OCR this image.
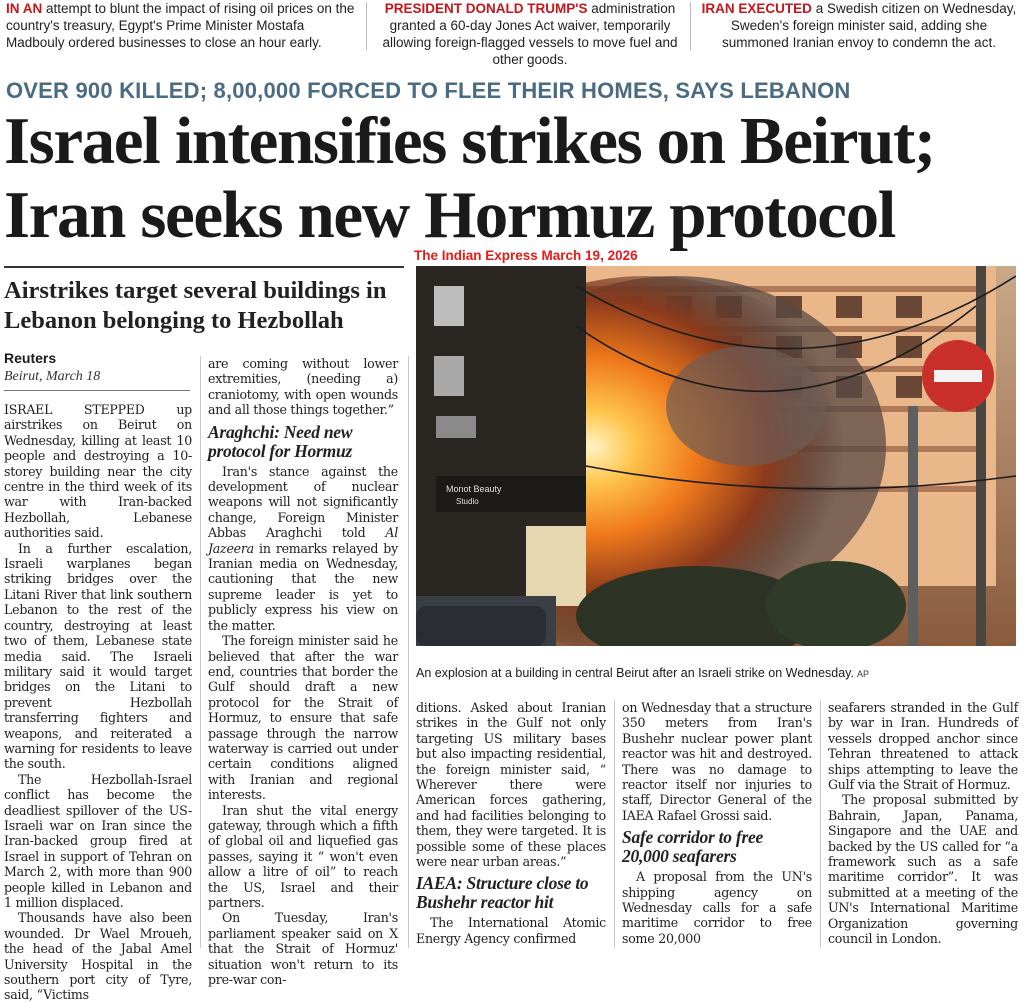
IN AN attempt to blunt the impact of rising oil prices on the country's treasury, Egypt's Prime Minister Mostafa Madbouly ordered businesses to close an hour early.
PRESIDENT DONALD TRUMP'S administration granted a 60-day Jones Act waiver, temporarily allowing foreign-flagged vessels to move fuel and other goods.
IRAN EXECUTED a Swedish citizen on Wednesday, Sweden's foreign minister said, adding she summoned Iranian envoy to condemn the act.
OVER 900 KILLED; 8,00,000 FORCED TO FLEE THEIR HOMES, SAYS LEBANON
Israel intensifies strikes on Beirut;
Iran seeks new Hormuz protocol
The Indian Express March 19, 2026
Airstrikes target several buildings in Lebanon belonging to Hezbollah
Reuters
Beirut, March 18

ISRAEL STEPPED up airstrikes on Beirut on Wednesday, killing at least 10 people and destroying a 10-storey building near the city centre in the third week of its war with Iran-backed Hezbollah, Lebanese authorities said.

In a further escalation, Israeli warplanes began striking bridges over the Litani River that link southern Lebanon to the rest of the country, destroying at least two of them, Lebanese state media said. The Israeli military said it would target bridges on the Litani to prevent Hezbollah transferring fighters and weapons, and reiterated a warning for residents to leave the south.

The Hezbollah-Israel conflict has become the deadliest spillover of the US-Israeli war on Iran since the Iran-backed group fired at Israel in support of Tehran on March 2, with more than 900 people killed in Lebanon and 1 million displaced.

Thousands have also been wounded. Dr Wael Mroueh, the head of the Jabal Amel University Hospital in the southern port city of Tyre, said, “Victims

are coming without lower extremities, (needing a) craniotomy, with open wounds and all those things together.”

Araghchi: Need new protocol for Hormuz

Iran's stance against the development of nuclear weapons will not significantly change, Foreign Minister Abbas Araghchi told Al Jazeera in remarks relayed by Iranian media on Wednesday, cautioning that the new supreme leader is yet to publicly express his view on the matter.

The foreign minister said he believed that after the war end, countries that border the Gulf should draft a new protocol for the Strait of Hormuz, to ensure that safe passage through the narrow waterway is carried out under certain conditions aligned with Iranian and regional interests.

Iran shut the vital energy gateway, through which a fifth of global oil and liquefied gas passes, saying it “ won't even allow a litre of oil” to reach the US, Israel and their partners.

On Tuesday, Iran's parliament speaker said on X that the Strait of Hormuz' situation won't return to its pre-war con-

Monot Beauty
Studio
An explosion at a building in central Beirut after an Israeli strike on Wednesday. AP

ditions. Asked about Iranian strikes in the Gulf not only targeting US military bases but also impacting residential, the foreign minister said, “ Wherever there were American forces gathering, and had facilities belonging to them, they were targeted. It is possible some of these places were near urban areas.”

IAEA: Structure close to Bushehr reactor hit

The International Atomic Energy Agency confirmed

on Wednesday that a structure 350 meters from Iran's Bushehr nuclear power plant reactor was hit and destroyed. There was no damage to reactor itself nor injuries to staff, Director General of the IAEA Rafael Grossi said.

Safe corridor to free 20,000 seafarers

A proposal from the UN's shipping agency on Wednesday calls for a safe maritime corridor to free some 20,000

seafarers stranded in the Gulf by war in Iran. Hundreds of vessels dropped anchor since Tehran threatened to attack ships attempting to leave the Gulf via the Strait of Hormuz.

The proposal submitted by Bahrain, Japan, Panama, Singapore and the UAE and backed by the US called for “a framework such as a safe maritime corridor”. It was submitted at a meeting of the UN's International Maritime Organization governing council in London.
